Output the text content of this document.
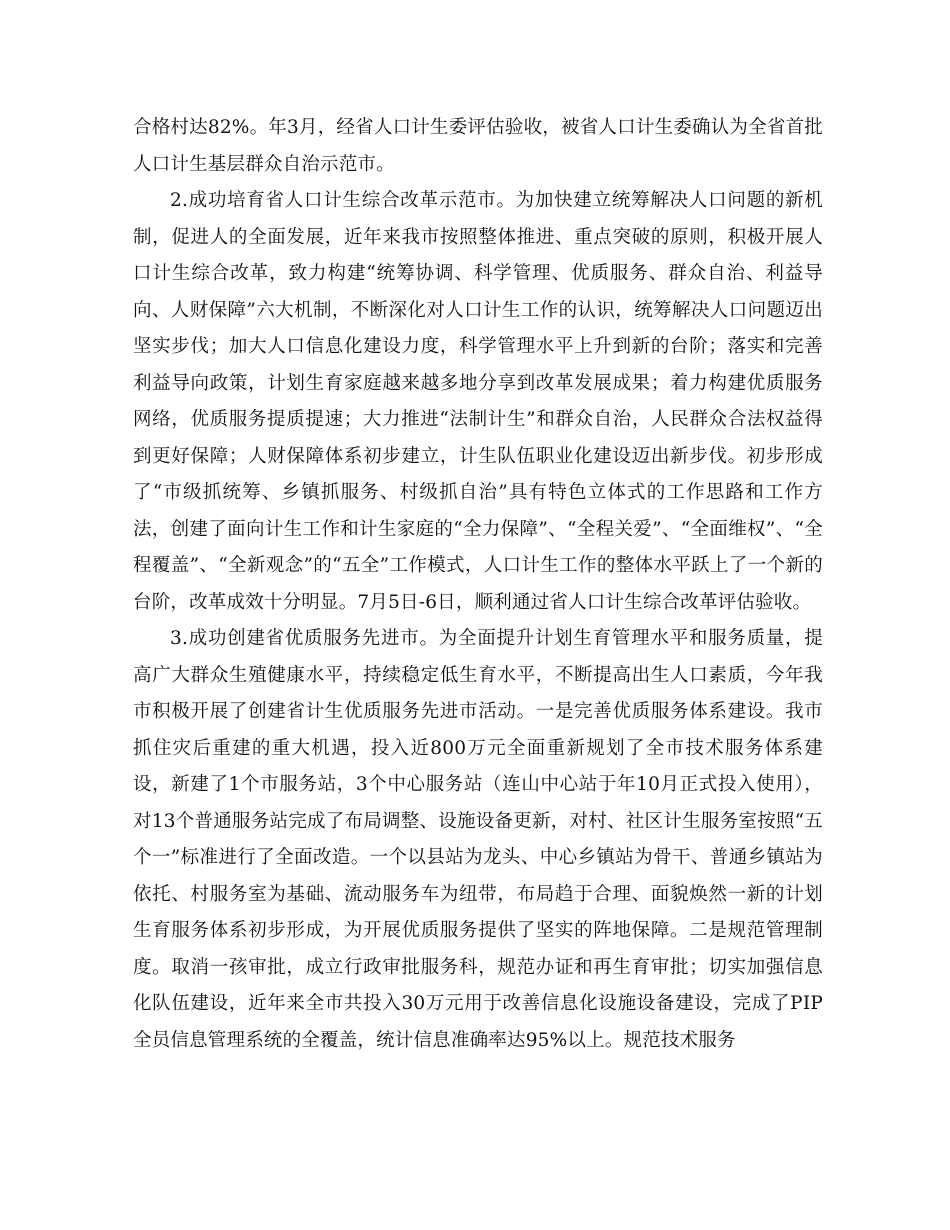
合格村达82%。年3月，经省人口计生委评估验收，被省人口计生委确认为全省首批人口计生基层群众自治示范市。

2.成功培育省人口计生综合改革示范市。为加快建立统筹解决人口问题的新机制，促进人的全面发展，近年来我市按照整体推进、重点突破的原则，积极开展人口计生综合改革，致力构建“统筹协调、科学管理、优质服务、群众自治、利益导向、人财保障”六大机制，不断深化对人口计生工作的认识，统筹解决人口问题迈出坚实步伐；加大人口信息化建设力度，科学管理水平上升到新的台阶；落实和完善利益导向政策，计划生育家庭越来越多地分享到改革发展成果；着力构建优质服务网络，优质服务提质提速；大力推进“法制计生”和群众自治，人民群众合法权益得到更好保障；人财保障体系初步建立，计生队伍职业化建设迈出新步伐。初步形成了“市级抓统筹、乡镇抓服务、村级抓自治”具有特色立体式的工作思路和工作方法，创建了面向计生工作和计生家庭的“全力保障”、“全程关爱”、“全面维权”、“全程覆盖”、“全新观念”的“五全”工作模式，人口计生工作的整体水平跃上了一个新的台阶，改革成效十分明显。7月5日-6日，顺利通过省人口计生综合改革评估验收。

3.成功创建省优质服务先进市。为全面提升计划生育管理水平和服务质量，提高广大群众生殖健康水平，持续稳定低生育水平，不断提高出生人口素质，今年我市积极开展了创建省计生优质服务先进市活动。一是完善优质服务体系建设。我市抓住灾后重建的重大机遇，投入近800万元全面重新规划了全市技术服务体系建设，新建了1个市服务站，3个中心服务站（连山中心站于年10月正式投入使用），对13个普通服务站完成了布局调整、设施设备更新，对村、社区计生服务室按照“五个一”标准进行了全面改造。一个以县站为龙头、中心乡镇站为骨干、普通乡镇站为依托、村服务室为基础、流动服务车为纽带，布局趋于合理、面貌焕然一新的计划生育服务体系初步形成，为开展优质服务提供了坚实的阵地保障。二是规范管理制度。取消一孩审批，成立行政审批服务科，规范办证和再生育审批；切实加强信息化队伍建设，近年来全市共投入30万元用于改善信息化设施设备建设，完成了PIP全员信息管理系统的全覆盖，统计信息准确率达95%以上。规范技术服务
